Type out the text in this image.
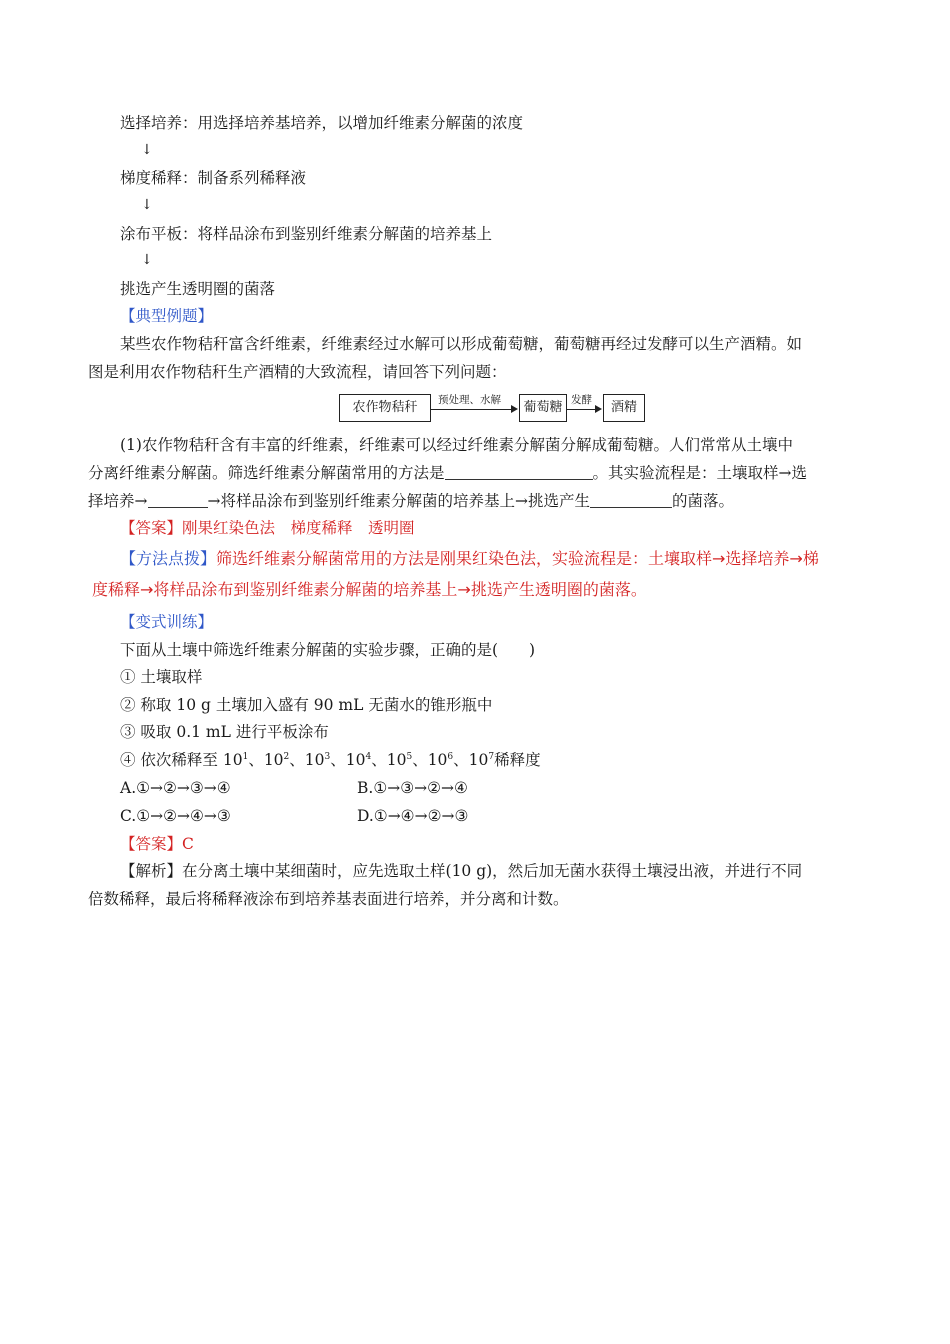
选择培养：用选择培养基培养，以增加纤维素分解菌的浓度
↓
梯度稀释：制备系列稀释液
↓
涂布平板：将样品涂布到鉴别纤维素分解菌的培养基上
↓
挑选产生透明圈的菌落
【典型例题】
某些农作物秸秆富含纤维素，纤维素经过水解可以形成葡萄糖，葡萄糖再经过发酵可以生产酒精。如
图是利用农作物秸秆生产酒精的大致流程，请回答下列问题：
农作物秸秆	预处理、水解	葡萄糖 发酵	酒精
(1)农作物秸秆含有丰富的纤维素，纤维素可以经过纤维素分解菌分解成葡萄糖。人们常常从土壤中
分离纤维素分解菌。筛选纤维素分解菌常用的方法是	。其实验流程是：土壤取样→选
择培养→	→将样品涂布到鉴别纤维素分解菌的培养基上→挑选产生	的菌落。
【答案】刚果红染色法　梯度稀释　透明圈
【方法点拨】筛选纤维素分解菌常用的方法是刚果红染色法，实验流程是：土壤取样→选择培养→梯
度稀释→将样品涂布到鉴别纤维素分解菌的培养基上→挑选产生透明圈的菌落。
【变式训练】
下面从土壤中筛选纤维素分解菌的实验步骤，正确的是(　　)
① 土壤取样
② 称取 10 g 土壤加入盛有 90 mL 无菌水的锥形瓶中
③ 吸取 0.1 mL 进行平板涂布
④ 依次稀释至 $10^1$、$10^2$、$10^3$、$10^4$、$10^5$、$10^6$、$10^7$稀释度
A.①→②→③→④	B.①→③→②→④
C.①→②→④→③	D.①→④→②→③
【答案】C
【解析】在分离土壤中某细菌时，应先选取土样(10 g)，然后加无菌水获得土壤浸出液，并进行不同
倍数稀释，最后将稀释液涂布到培养基表面进行培养，并分离和计数。
